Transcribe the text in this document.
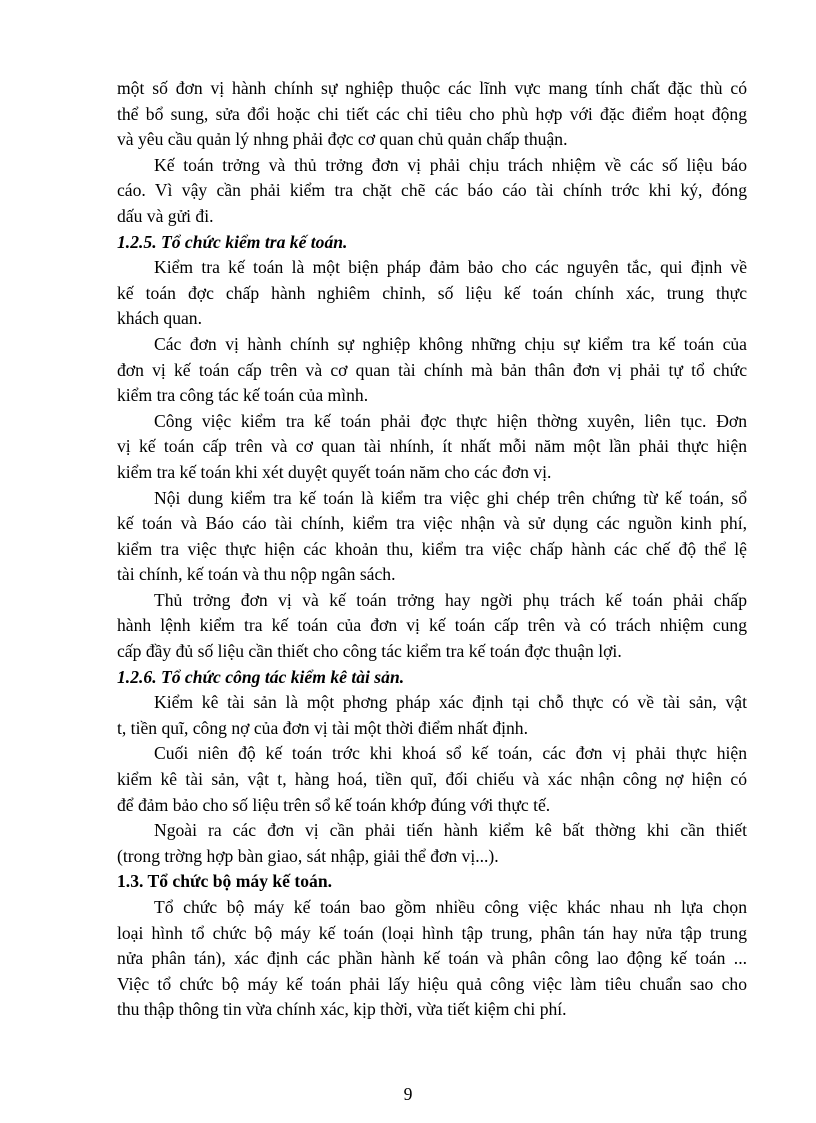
một số đơn vị hành chính sự nghiệp thuộc các lĩnh vực mang tính chất đặc thù có
thể bổ sung, sửa đổi hoặc chi tiết các chỉ tiêu cho phù hợp với đặc điểm hoạt động
và yêu cầu quản lý nhng phải đợc cơ quan chủ quản chấp thuận.
Kế toán trởng và thủ trởng đơn vị phải chịu trách nhiệm về các số liệu báo
cáo. Vì vậy cần phải kiểm tra chặt chẽ các báo cáo tài chính trớc khi ký, đóng
dấu và gửi đi.
1.2.5. Tổ chức kiểm tra kế toán.
Kiểm tra kế toán là một biện pháp đảm bảo cho các nguyên tắc, qui định về
kế toán đợc chấp hành nghiêm chỉnh, số liệu kế toán chính xác, trung thực
khách quan.
Các đơn vị hành chính sự nghiệp không những chịu sự kiểm tra kế toán của
đơn vị kế toán cấp trên và cơ quan tài chính mà bản thân đơn vị phải tự tổ chức
kiểm tra công tác kế toán của mình.
Công việc kiểm tra kế toán phải đợc thực hiện thờng xuyên, liên tục. Đơn
vị kế toán cấp trên và cơ quan tài nhính, ít nhất mỗi năm một lần phải thực hiện
kiểm tra kế toán khi xét duyệt quyết toán năm cho các đơn vị.
Nội dung kiểm tra kế toán là kiểm tra việc ghi chép trên chứng từ kế toán, sổ
kế toán và Báo cáo tài chính, kiểm tra việc nhận và sử dụng các nguồn kinh phí,
kiểm tra việc thực hiện các khoản thu, kiểm tra việc chấp hành các chế độ thể lệ
tài chính, kế toán và thu nộp ngân sách.
Thủ trởng đơn vị và kế toán trởng hay ngời phụ trách kế toán phải chấp
hành lệnh kiểm tra kế toán của đơn vị kế toán cấp trên và có trách nhiệm cung
cấp đầy đủ số liệu cần thiết cho công tác kiểm tra kế toán đợc thuận lợi.
1.2.6. Tổ chức công tác kiểm kê tài sản.
Kiểm kê tài sản là một phơng pháp xác định tại chỗ thực có về tài sản, vật
t, tiền quĩ, công nợ của đơn vị tài một thời điểm nhất định.
Cuối niên độ kế toán trớc khi khoá sổ kế toán, các đơn vị phải thực hiện
kiểm kê tài sản, vật t, hàng hoá, tiền quĩ, đối chiếu và xác nhận công nợ hiện có
để đảm bảo cho số liệu trên sổ kế toán khớp đúng với thực tế.
Ngoài ra các đơn vị cần phải tiến hành kiểm kê bất thờng khi cần thiết
(trong trờng hợp bàn giao, sát nhập, giải thể đơn vị...).
1.3. Tổ chức bộ máy kế toán.
Tổ chức bộ máy kế toán bao gồm nhiều công việc khác nhau nh lựa chọn
loại hình tổ chức bộ máy kế toán (loại hình tập trung, phân tán hay nửa tập trung
nửa phân tán), xác định các phần hành kế toán và phân công lao động kế toán ...
Việc tổ chức bộ máy kế toán phải lấy hiệu quả công việc làm tiêu chuẩn sao cho
thu thập thông tin vừa chính xác, kịp thời, vừa tiết kiệm chi phí.
9
